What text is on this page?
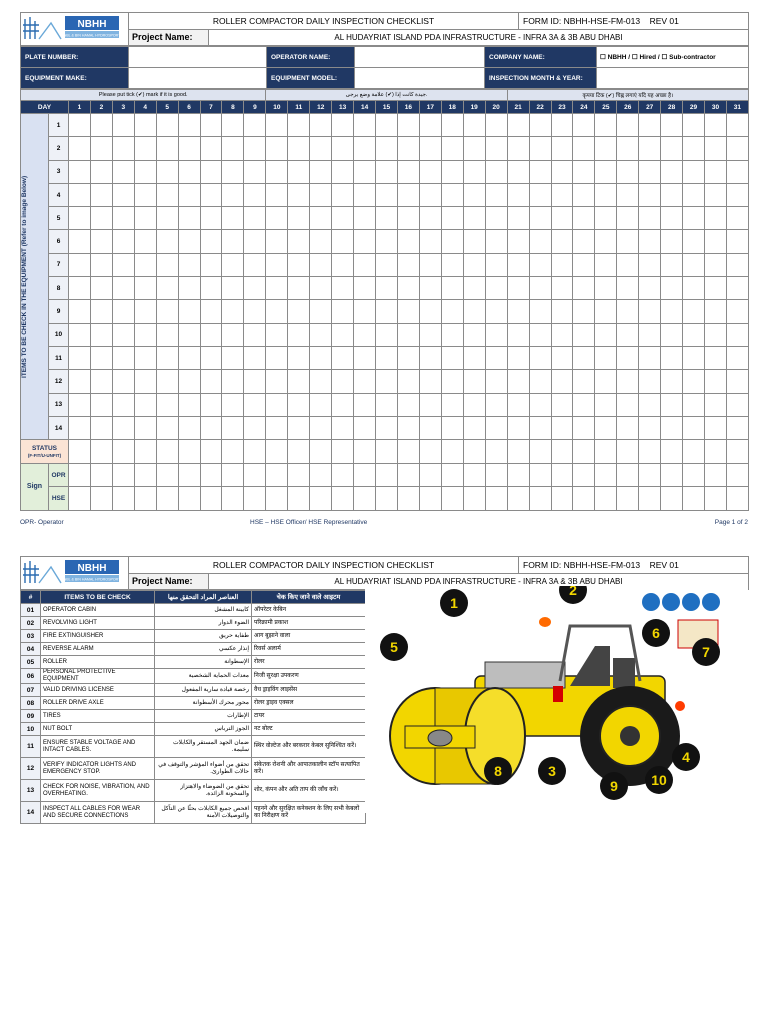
NBHH
NBL & BIN HAMAL HYDROSPORT	ROLLER COMPACTOR DAILY INSPECTION CHECKLIST		FORM ID: NBHH-HSE-FM-013 REV 01
	Project Name:	AL HUDAYRIAT ISLAND PDA INFRASTRUCTURE - INFRA 3A & 3B ABU DHABI	
PLATE NUMBER:		OPERATOR NAME:		COMPANY NAME:	☐ NBHH / ☐ Hired / ☐ Sub-contractor
EQUIPMENT MAKE:		EQUIPMENT MODEL:		INSPECTION MONTH & YEAR:	
Please put tick (✔) mark if it is good.											جيدة كانت إذا (✔) علامة وضع يرجى.											कृपया टिक (✔) चिह्न लगाएं यदि यह अच्छा है।										
DAY		1	2	3	4	5	6	7	8	9	10	11	12	13	14	15	16	17	18	19	20	21	22	23	24	25	26	27	28	29	30	31

ITEMS TO BE CHECK IN THE EQUIPMENT (Refer to image Below)	1																															
	2																															
	3																															
	4																															
	5																															
	6																															
	7																															
	8																															
	9																															
	10																															
	11																															
	12																															
	13																															
	14																															

STATUS
(F-FIT/U-UNFIT)																																

Sign	OPR																															
	HSE																															
OPR- Operator	HSE – HSE Officer/ HSE Representative	Page 1 of 2
NBHH
NBL & BIN HAMAL HYDROSPORT	ROLLER COMPACTOR DAILY INSPECTION CHECKLIST		FORM ID: NBHH-HSE-FM-013 REV 01
	Project Name:	AL HUDAYRIAT ISLAND PDA INFRASTRUCTURE - INFRA 3A & 3B ABU DHABI	
#	ITEMS TO BE CHECK	العناصر المراد التحقق منها	चेक किए जाने वाले आइटम
01	OPERATOR CABIN	كابينة المشغل	ऑपरेटर केबिन
02	REVOLVING LIGHT	الضوء الدوار	परिक्रामी प्रकाश
03	FIRE EXTINGUISHER	طفاية حريق	आग बुझाने वाला
04	REVERSE ALARM	إنذار عكسي	रिवर्स अलार्म
05	ROLLER	الإسطوانة	रोलर
06	PERSONAL PROTECTIVE EQUIPMENT	معدات الحماية الشخصية	निजी सुरक्षा उपकरण
07	VALID DRIVING LICENSE	رخصة قيادة سارية المفعول	वैध ड्राइविंग लाइसेंस
08	ROLLER DRIVE AXLE	محور محرك الأسطوانة	रोलर ड्राइव एक्सल
09	TIRES	الإطارات	टायर
10	NUT BOLT	الجوز الترباس	नट बोल्ट
11	ENSURE STABLE VOLTAGE AND INTACT CABLES.	ضمان الجهد المستقر والكابلات سليمة.	स्थिर वोल्टेज और बरकरार केबल सुनिश्चित करें।
12	VERIFY INDICATOR LIGHTS AND EMERGENCY STOP.	تحقق من أضواء المؤشر والتوقف في حالات الطوارئ.	संकेतक रोशनी और आपातकालीन स्टॉप सत्यापित करें।
13	CHECK FOR NOISE, VIBRATION, AND OVERHEATING.	تحقق من الضوضاء والاهتزاز والسخونة الزائدة.	शोर, कंपन और अति ताप की जाँच करें।
14	INSPECT ALL CABLES FOR WEAR AND SECURE CONNECTIONS	افحص جميع الكابلات بحثًا عن التآكل والتوصيلات الآمنة	पहनने और सुरक्षित कनेक्शन के लिए सभी केबलों का निरीक्षण करें
1
2
3
4
5
6
7
8
9 10
